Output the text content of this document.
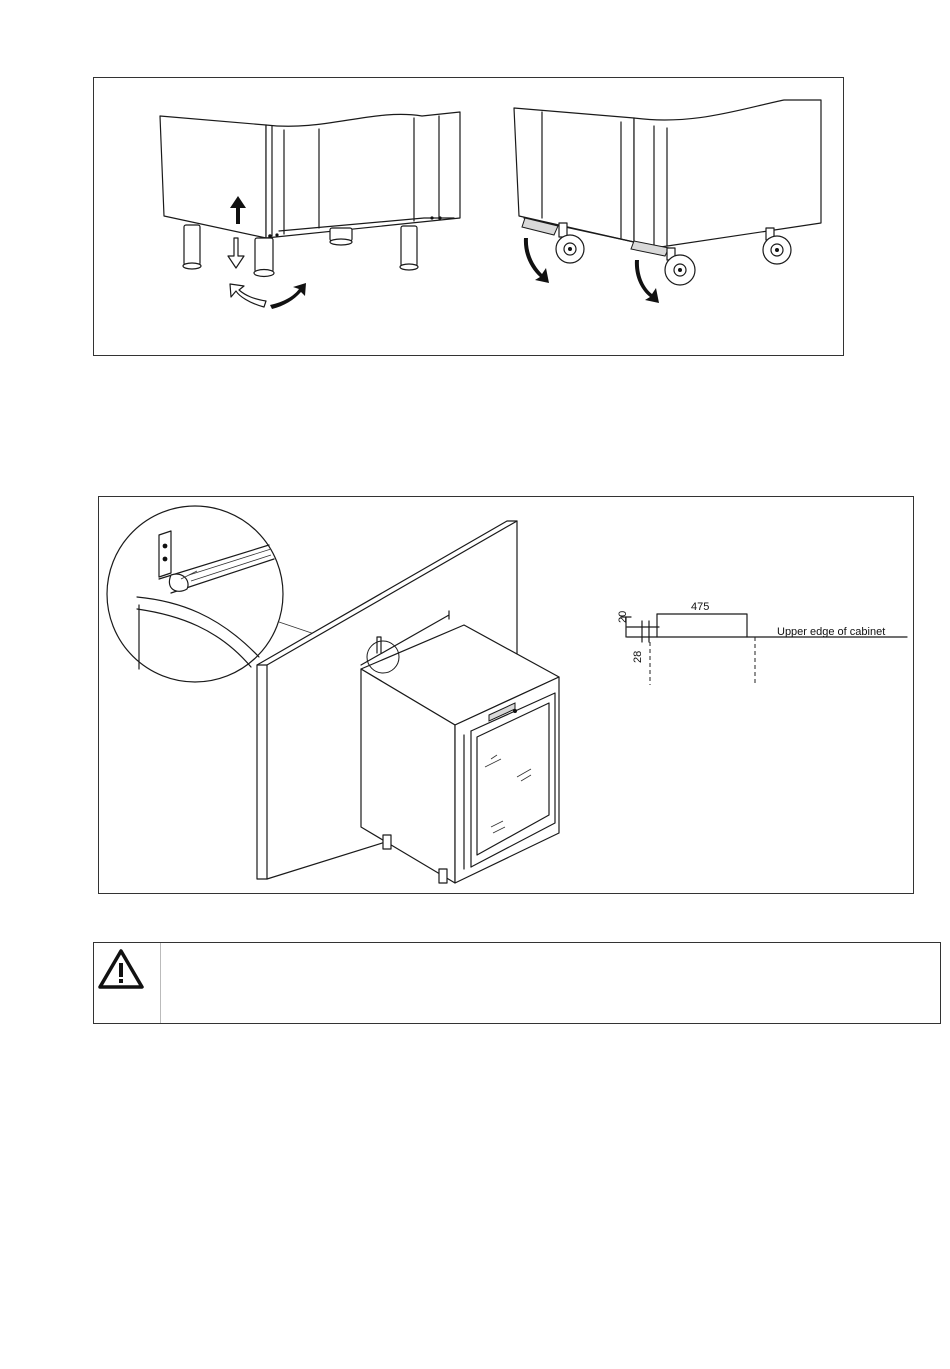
475
20
28
Upper edge of cabinet
